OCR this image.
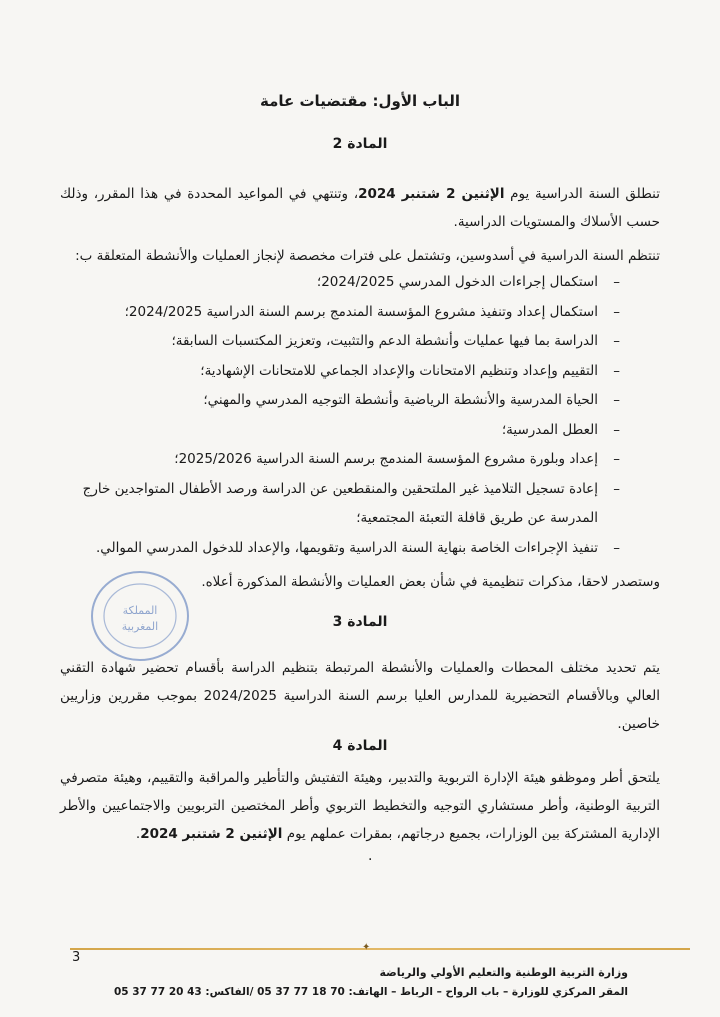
الباب الأول: مقتضيات عامة
المادة 2
تنطلق السنة الدراسية يوم الإثنين 2 شتنبر 2024، وتنتهي في المواعيد المحددة في هذا المقرر، وذلك حسب الأسلاك والمستويات الدراسية.
تنتظم السنة الدراسية في أسدوسين، وتشتمل على فترات مخصصة لإنجاز العمليات والأنشطة المتعلقة ب:
– استكمال إجراءات الدخول المدرسي 2024/2025؛
– استكمال إعداد وتنفيذ مشروع المؤسسة المندمج برسم السنة الدراسية 2024/2025؛
– الدراسة بما فيها عمليات وأنشطة الدعم والتثبيت، وتعزيز المكتسبات السابقة؛
– التقييم وإعداد وتنظيم الامتحانات والإعداد الجماعي للامتحانات الإشهادية؛
– الحياة المدرسية والأنشطة الرياضية وأنشطة التوجيه المدرسي والمهني؛
– العطل المدرسية؛
– إعداد وبلورة مشروع المؤسسة المندمج برسم السنة الدراسية 2025/2026؛
– إعادة تسجيل التلاميذ غير الملتحقين والمنقطعين عن الدراسة ورصد الأطفال المتواجدين خارج المدرسة عن طريق قافلة التعبئة المجتمعية؛
– تنفيذ الإجراءات الخاصة بنهاية السنة الدراسية وتقويمها، والإعداد للدخول المدرسي الموالي.
وستصدر لاحقا، مذكرات تنظيمية في شأن بعض العمليات والأنشطة المذكورة أعلاه.
المادة 3
يتم تحديد مختلف المحطات والعمليات والأنشطة المرتبطة بتنظيم الدراسة بأقسام تحضير شهادة التقني العالي وبالأقسام التحضيرية للمدارس العليا برسم السنة الدراسية 2024/2025 بموجب مقررين وزاريين خاصين.
المادة 4
يلتحق أطر وموظفو هيئة الإدارة التربوية والتدبير، وهيئة التفتيش والتأطير والمراقبة والتقييم، وهيئة متصرفي التربية الوطنية، وأطر مستشاري التوجيه والتخطيط التربوي وأطر المختصين التربويين والاجتماعيين والأطر الإدارية المشتركة بين الوزارات، بجميع درجاتهم، بمقرات عملهم يوم الإثنين 2 شتنبر 2024.
.
المملكة
المغربية
✦
3
وزارة التربية الوطنية والتعليم الأولي والرياضة
المقر المركزي للوزارة – باب الرواح – الرباط – الهاتف: 70 18 77 37 05 /الفاكس: 43 20 77 37 05
